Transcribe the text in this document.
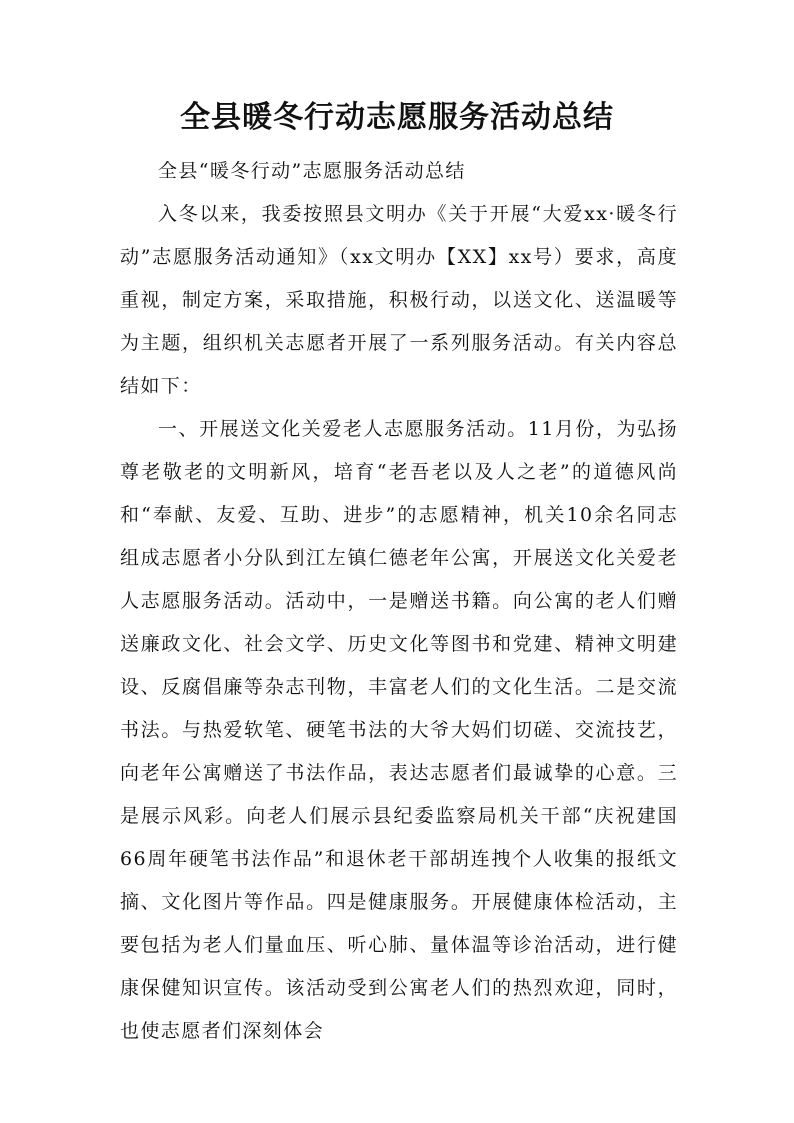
全县暖冬行动志愿服务活动总结

全县“暖冬行动”志愿服务活动总结

入冬以来，我委按照县文明办《关于开展“大爱xx·暖冬行动”志愿服务活动通知》（xx文明办【XX】xx号）要求，高度重视，制定方案，采取措施，积极行动，以送文化、送温暖等为主题，组织机关志愿者开展了一系列服务活动。有关内容总结如下：

一、开展送文化关爱老人志愿服务活动。11月份，为弘扬尊老敬老的文明新风，培育“老吾老以及人之老”的道德风尚和“奉献、友爱、互助、进步”的志愿精神，机关10余名同志组成志愿者小分队到江左镇仁德老年公寓，开展送文化关爱老人志愿服务活动。活动中，一是赠送书籍。向公寓的老人们赠送廉政文化、社会文学、历史文化等图书和党建、精神文明建设、反腐倡廉等杂志刊物，丰富老人们的文化生活。二是交流书法。与热爱软笔、硬笔书法的大爷大妈们切磋、交流技艺，向老年公寓赠送了书法作品，表达志愿者们最诚挚的心意。三是展示风彩。向老人们展示县纪委监察局机关干部“庆祝建国66周年硬笔书法作品”和退休老干部胡连拽个人收集的报纸文摘、文化图片等作品。四是健康服务。开展健康体检活动，主要包括为老人们量血压、听心肺、量体温等诊治活动，进行健康保健知识宣传。该活动受到公寓老人们的热烈欢迎，同时，也使志愿者们深刻体会
